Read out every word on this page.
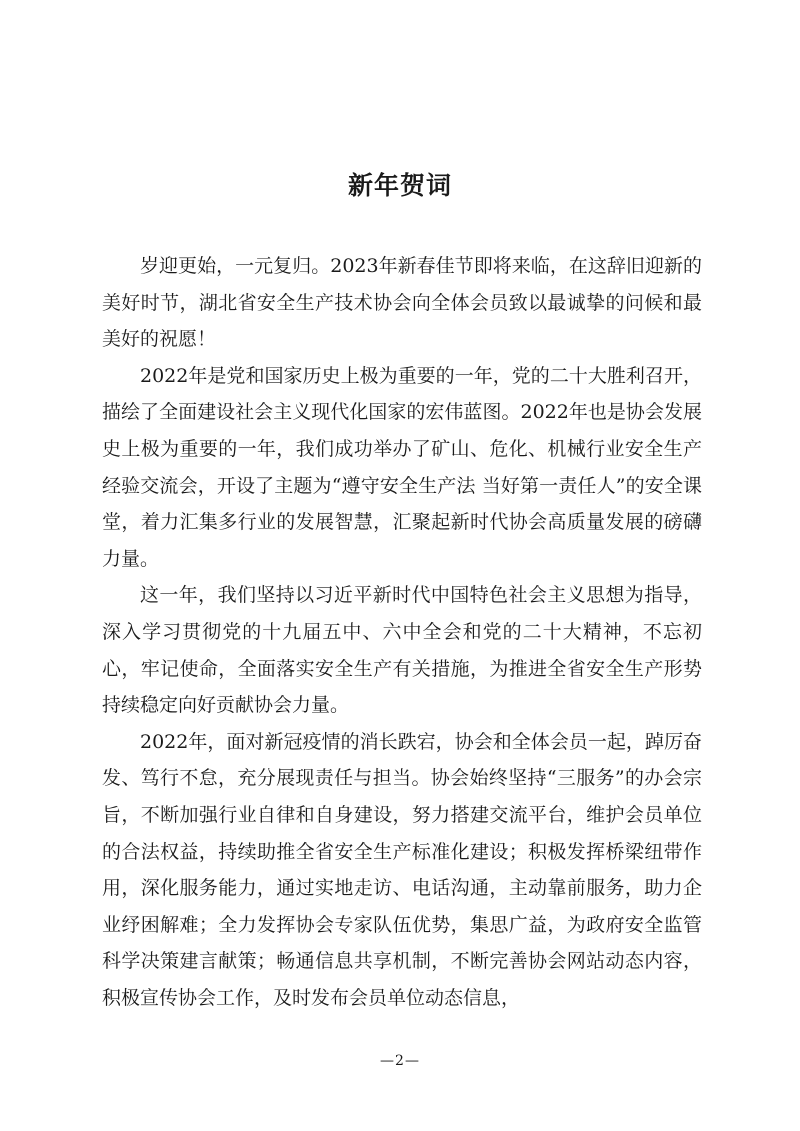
新年贺词

岁迎更始，一元复归。2023年新春佳节即将来临，在这辞旧迎新的美好时节，湖北省安全生产技术协会向全体会员致以最诚挚的问候和最美好的祝愿！

2022年是党和国家历史上极为重要的一年，党的二十大胜利召开，描绘了全面建设社会主义现代化国家的宏伟蓝图。2022年也是协会发展史上极为重要的一年，我们成功举办了矿山、危化、机械行业安全生产经验交流会，开设了主题为“遵守安全生产法 当好第一责任人”的安全课堂，着力汇集多行业的发展智慧，汇聚起新时代协会高质量发展的磅礴力量。

这一年，我们坚持以习近平新时代中国特色社会主义思想为指导，深入学习贯彻党的十九届五中、六中全会和党的二十大精神，不忘初心，牢记使命，全面落实安全生产有关措施，为推进全省安全生产形势持续稳定向好贡献协会力量。

2022年，面对新冠疫情的消长跌宕，协会和全体会员一起，踔厉奋发、笃行不怠，充分展现责任与担当。协会始终坚持“三服务”的办会宗旨，不断加强行业自律和自身建设，努力搭建交流平台，维护会员单位的合法权益，持续助推全省安全生产标准化建设；积极发挥桥梁纽带作用，深化服务能力，通过实地走访、电话沟通，主动靠前服务，助力企业纾困解难；全力发挥协会专家队伍优势，集思广益，为政府安全监管科学决策建言献策；畅通信息共享机制，不断完善协会网站动态内容，积极宣传协会工作，及时发布会员单位动态信息，

—2—
